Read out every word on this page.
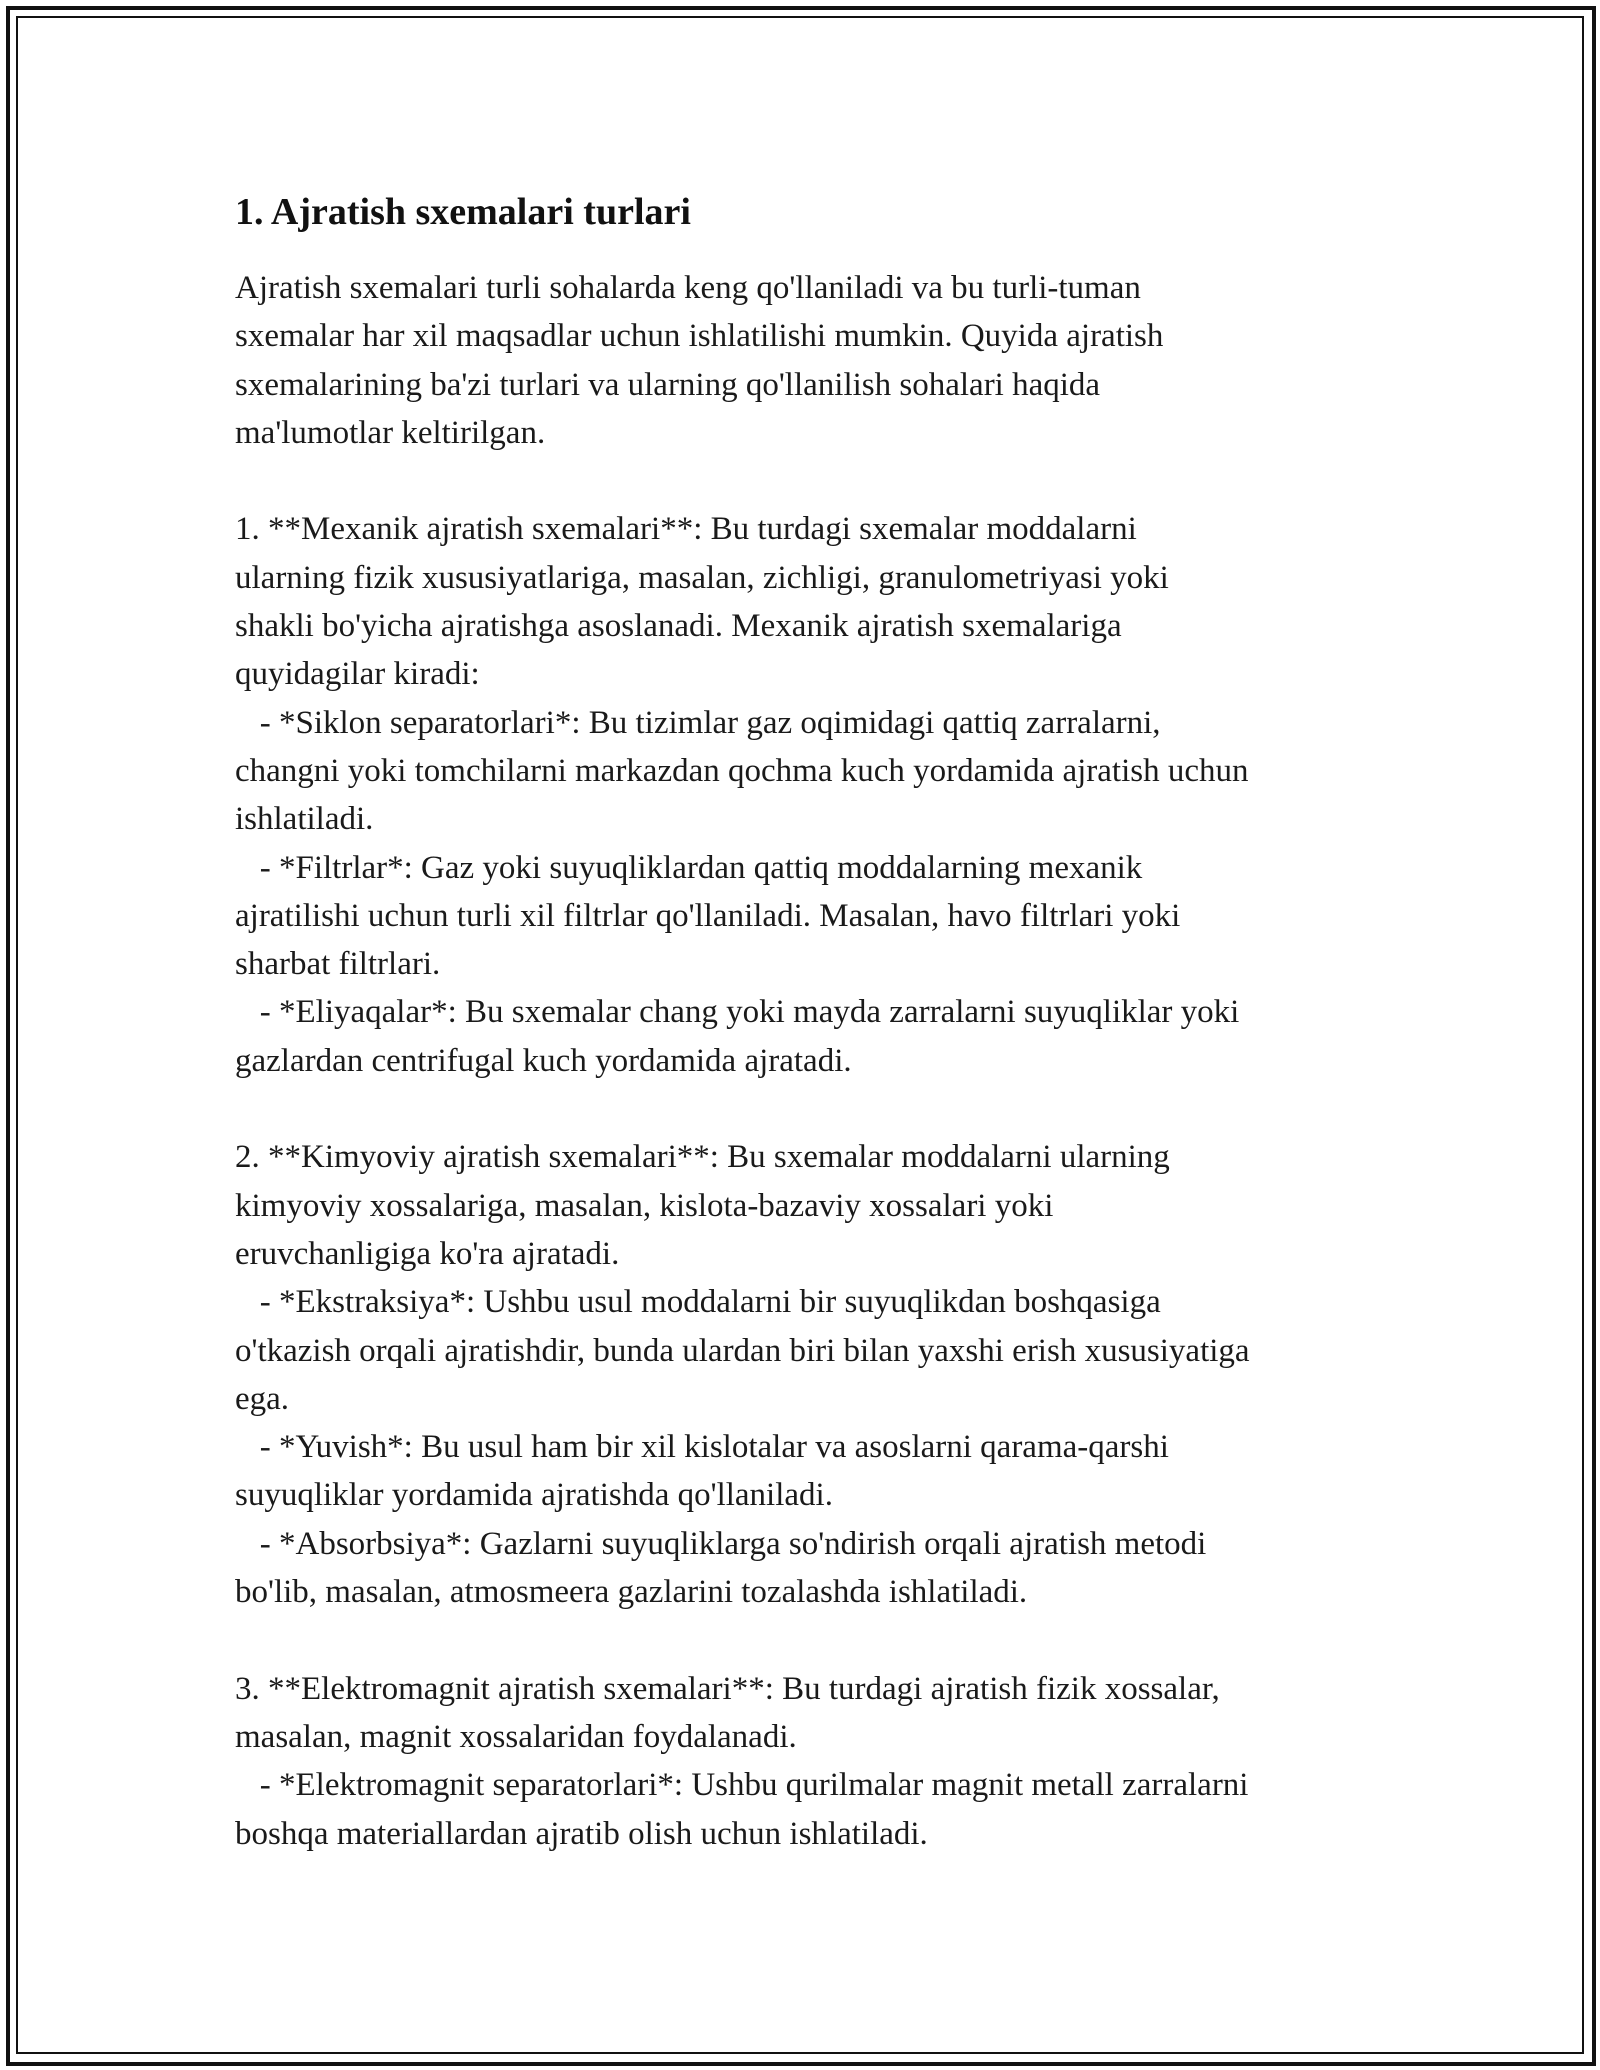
1. Ajratish sxemalari turlari

Ajratish sxemalari turli sohalarda keng qo'llaniladi va bu turli-tuman
sxemalar har xil maqsadlar uchun ishlatilishi mumkin. Quyida ajratish
sxemalarining ba'zi turlari va ularning qo'llanilish sohalari haqida
ma'lumotlar keltirilgan.

1. **Mexanik ajratish sxemalari**: Bu turdagi sxemalar moddalarni
ularning fizik xususiyatlariga, masalan, zichligi, granulometriyasi yoki
shakli bo'yicha ajratishga asoslanadi. Mexanik ajratish sxemalariga
quyidagilar kiradi:
- *Siklon separatorlari*: Bu tizimlar gaz oqimidagi qattiq zarralarni,
changni yoki tomchilarni markazdan qochma kuch yordamida ajratish uchun
ishlatiladi.
- *Filtrlar*: Gaz yoki suyuqliklardan qattiq moddalarning mexanik
ajratilishi uchun turli xil filtrlar qo'llaniladi. Masalan, havo filtrlari yoki
sharbat filtrlari.
- *Eliyaqalar*: Bu sxemalar chang yoki mayda zarralarni suyuqliklar yoki
gazlardan centrifugal kuch yordamida ajratadi.

2. **Kimyoviy ajratish sxemalari**: Bu sxemalar moddalarni ularning
kimyoviy xossalariga, masalan, kislota-bazaviy xossalari yoki
eruvchanligiga ko'ra ajratadi.
- *Ekstraksiya*: Ushbu usul moddalarni bir suyuqlikdan boshqasiga
o'tkazish orqali ajratishdir, bunda ulardan biri bilan yaxshi erish xususiyatiga
ega.
- *Yuvish*: Bu usul ham bir xil kislotalar va asoslarni qarama-qarshi
suyuqliklar yordamida ajratishda qo'llaniladi.
- *Absorbsiya*: Gazlarni suyuqliklarga so'ndirish orqali ajratish metodi
bo'lib, masalan, atmosmeera gazlarini tozalashda ishlatiladi.

3. **Elektromagnit ajratish sxemalari**: Bu turdagi ajratish fizik xossalar,
masalan, magnit xossalaridan foydalanadi.
- *Elektromagnit separatorlari*: Ushbu qurilmalar magnit metall zarralarni
boshqa materiallardan ajratib olish uchun ishlatiladi.
